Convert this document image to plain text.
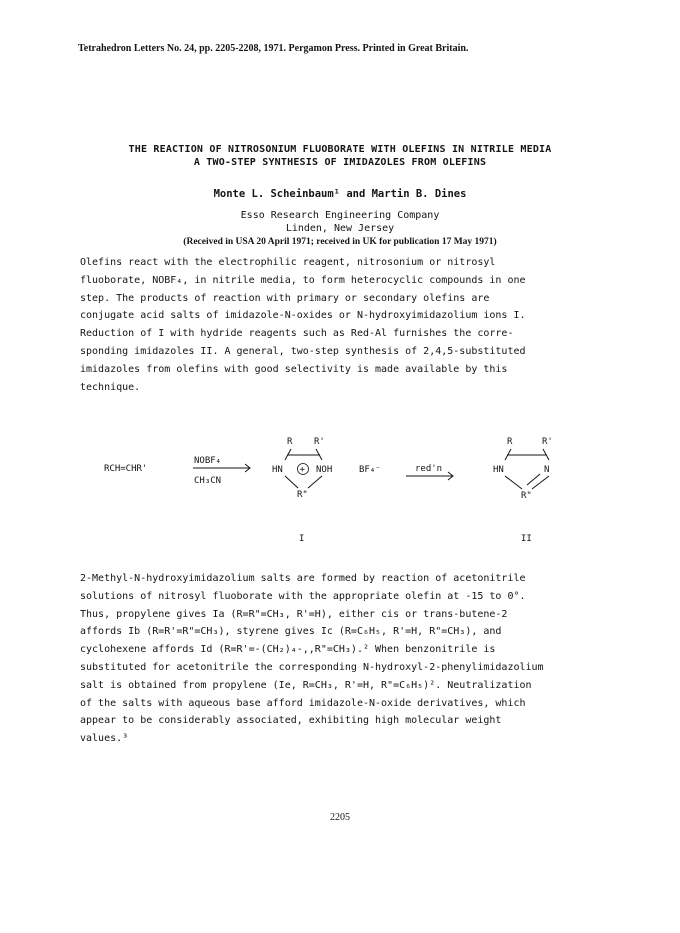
Tetrahedron Letters No. 24, pp. 2205-2208, 1971. Pergamon Press. Printed in Great Britain.
THE REACTION OF NITROSONIUM FLUOBORATE WITH OLEFINS IN NITRILE MEDIA
A TWO-STEP SYNTHESIS OF IMIDAZOLES FROM OLEFINS
Monte L. Scheinbaum¹ and Martin B. Dines
Esso Research Engineering Company
Linden, New Jersey
(Received in USA 20 April 1971; received in UK for publication 17 May 1971)
Olefins react with the electrophilic reagent, nitrosonium or nitrosyl
fluoborate, NOBF₄, in nitrile media, to form heterocyclic compounds in one
step. The products of reaction with primary or secondary olefins are
conjugate acid salts of imidazole-N-oxides or N-hydroxyimidazolium ions I.
Reduction of I with hydride reagents such as Red-Al furnishes the corre-
sponding imidazoles II. A general, two-step synthesis of 2,4,5-substituted
imidazoles from olefins with good selectivity is made available by this
technique.
RCH=CHR'
NOBF₄
CH₃CN
R R'
HN + NOH
R"
I
BF₄⁻	red'n
R	R'
HN	N
R"
II
2-Methyl-N-hydroxyimidazolium salts are formed by reaction of acetonitrile
solutions of nitrosyl fluoborate with the appropriate olefin at -15 to 0°.
Thus, propylene gives Ia (R=R"=CH₃, R'=H), either cis or trans-butene-2
affords Ib (R=R'=R"=CH₃), styrene gives Ic (R=C₆H₅, R'=H, R"=CH₃), and
cyclohexene affords Id (R=R'=-(CH₂)₄-,,R"=CH₃).² When benzonitrile is
substituted for acetonitrile the corresponding N-hydroxyl-2-phenylimidazolium
salt is obtained from propylene (Ie, R=CH₃, R'=H, R"=C₆H₅)². Neutralization
of the salts with aqueous base afford imidazole-N-oxide derivatives, which
appear to be considerably associated, exhibiting high molecular weight
values.³
2205
